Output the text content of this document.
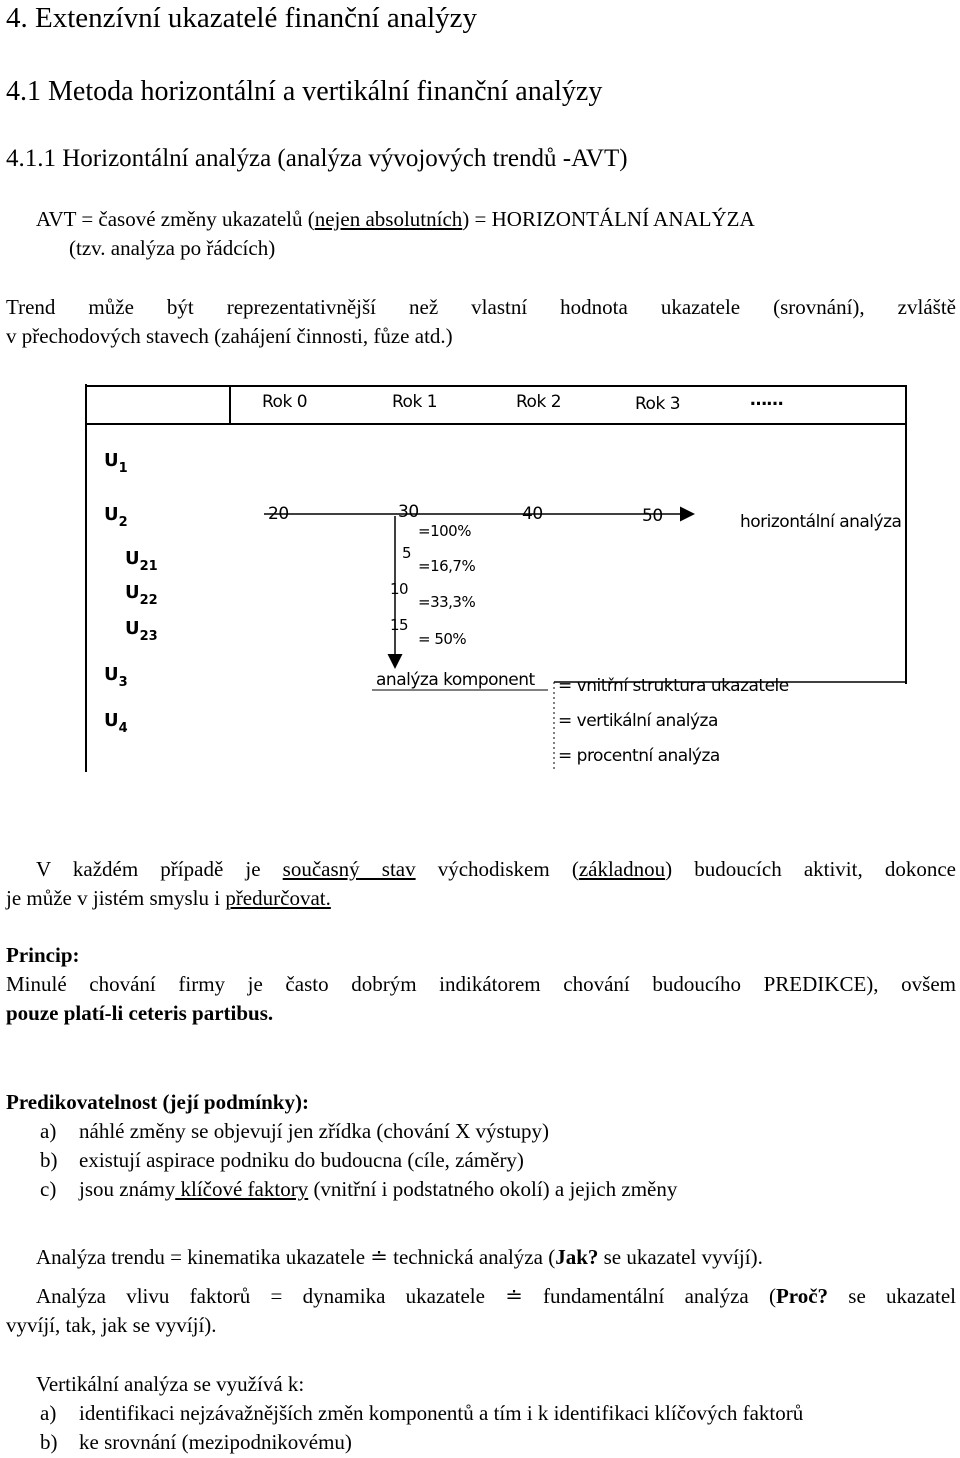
4. Extenzívní ukazatelé finanční analýzy
4.1 Metoda horizontální a vertikální finanční analýzy
4.1.1 Horizontální analýza (analýza vývojových trendů -AVT)
AVT = časové změny ukazatelů (nejen absolutních) = HORIZONTÁLNÍ ANALÝZA
(tzv. analýza po řádcích)
Trend může být reprezentativnější než vlastní hodnota ukazatele (srovnání), zvláště
v přechodových stavech (zahájení činnosti, fůze atd.)
Rok 0	Rok 1	Rok 2	Rok 3	……
$U_1$
$U_2$
$U_{21}$
$U_{22}$
$U_{23}$
$U_3$
$U_4$
20	30	40	50	horizontální analýza
=100%
5
=16,7%
10
=33,3%
15
= 50%
analýza komponent = vnitřní struktura ukazatele
= vertikální analýza
= procentní analýza
V každém případě je současný stav východiskem (základnou) budoucích aktivit, dokonce
je může v jistém smyslu i předurčovat.
Princip:
Minulé chování firmy je často dobrým indikátorem chování budoucího PREDIKCE), ovšem
pouze platí-li ceteris partibus.
Predikovatelnost (její podmínky):
a) náhlé změny se objevují jen zřídka (chování X výstupy)
b) existují aspirace podniku do budoucna (cíle, záměry)
c) jsou známy klíčové faktory (vnitřní i podstatného okolí) a jejich změny
Analýza trendu = kinematika ukazatele ≐ technická analýza (Jak? se ukazatel vyvíjí).
Analýza vlivu faktorů = dynamika ukazatele ≐ fundamentální analýza (Proč? se ukazatel
vyvíjí, tak, jak se vyvíjí).
Vertikální analýza se využívá k:
a) identifikaci nejzávažnějších změn komponentů a tím i k identifikaci klíčových faktorů
b) ke srovnání (mezipodnikovému)
